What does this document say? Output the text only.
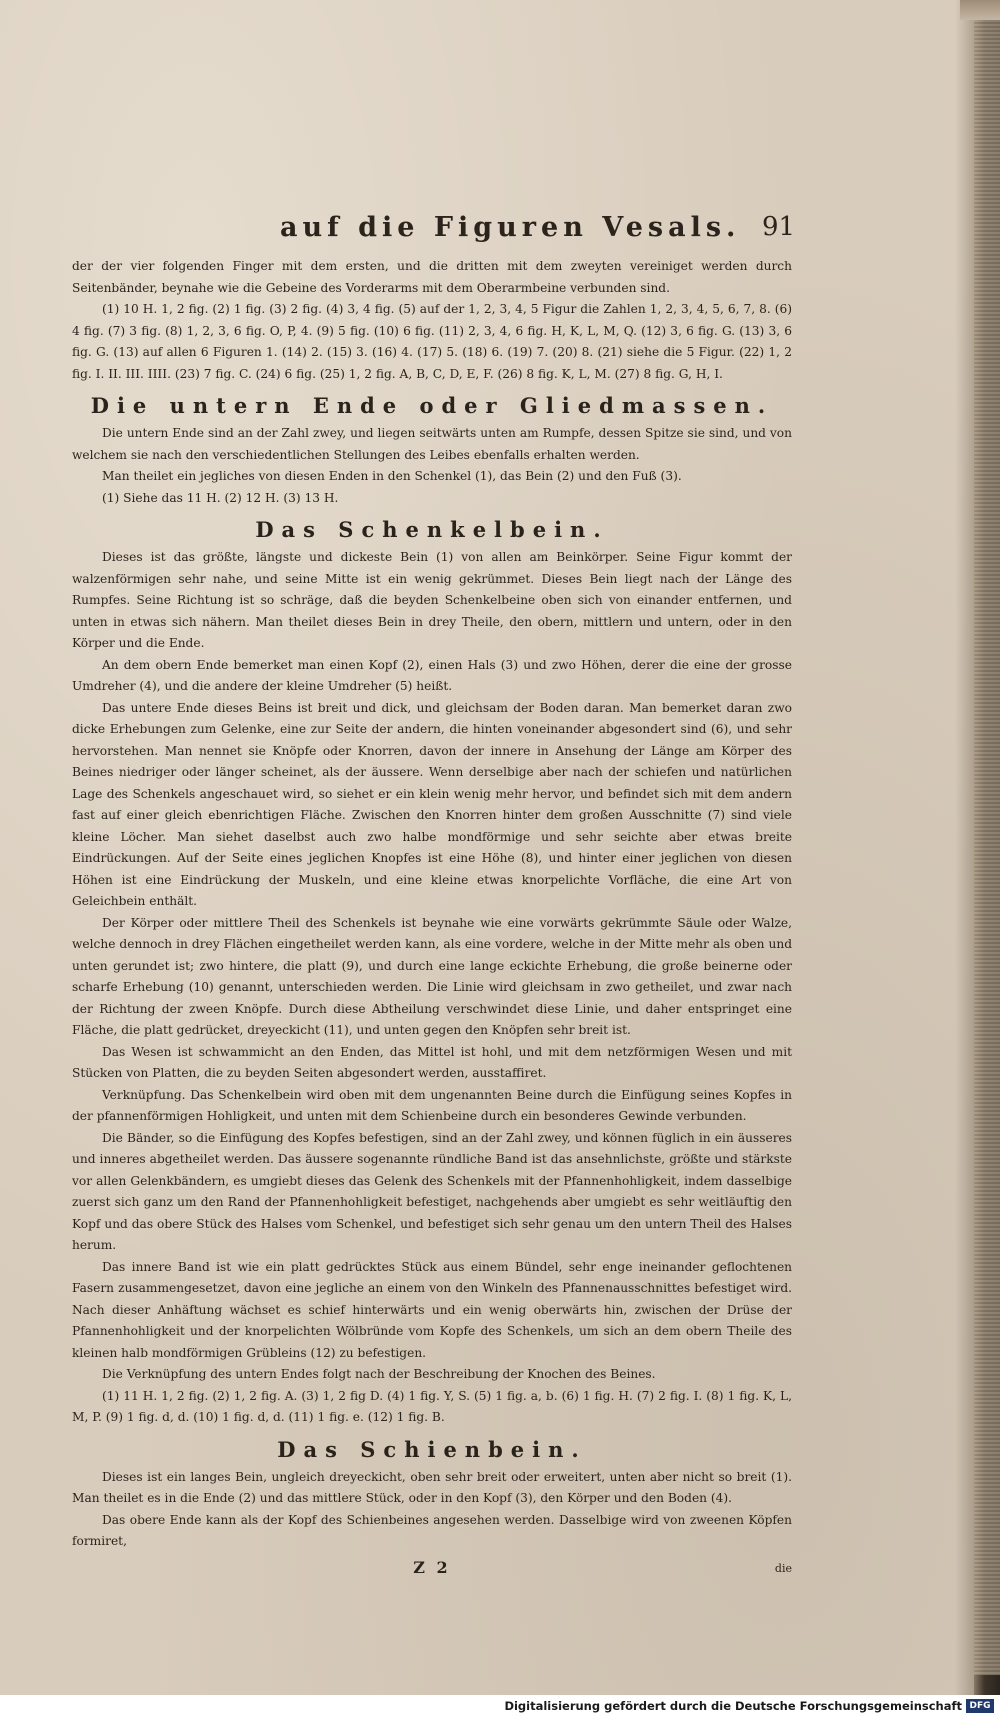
auf die Figuren Vesals. 91

der der vier folgenden Finger mit dem ersten, und die dritten mit dem zweyten vereiniget werden durch Seitenbänder, beynahe wie die Gebeine des Vorderarms mit dem Oberarmbeine verbunden sind.

(1) 10 H. 1, 2 fig. (2) 1 fig. (3) 2 fig. (4) 3, 4 fig. (5) auf der 1, 2, 3, 4, 5 Figur die Zahlen 1, 2, 3, 4, 5, 6, 7, 8. (6) 4 fig. (7) 3 fig. (8) 1, 2, 3, 6 fig. O, P, 4. (9) 5 fig. (10) 6 fig. (11) 2, 3, 4, 6 fig. H, K, L, M, Q. (12) 3, 6 fig. G. (13) 3, 6 fig. G. (13) auf allen 6 Figuren 1. (14) 2. (15) 3. (16) 4. (17) 5. (18) 6. (19) 7. (20) 8. (21) siehe die 5 Figur. (22) 1, 2 fig. I. II. III. IIII. (23) 7 fig. C. (24) 6 fig. (25) 1, 2 fig. A, B, C, D, E, F. (26) 8 fig. K, L, M. (27) 8 fig. G, H, I.

Die untern Ende oder Gliedmassen.

Die untern Ende sind an der Zahl zwey, und liegen seitwärts unten am Rumpfe, dessen Spitze sie sind, und von welchem sie nach den verschiedentlichen Stellungen des Leibes ebenfalls erhalten werden.

Man theilet ein jegliches von diesen Enden in den Schenkel (1), das Bein (2) und den Fuß (3).

(1) Siehe das 11 H. (2) 12 H. (3) 13 H.

Das Schenkelbein.

Dieses ist das größte, längste und dickeste Bein (1) von allen am Beinkörper. Seine Figur kommt der walzenförmigen sehr nahe, und seine Mitte ist ein wenig gekrümmet. Dieses Bein liegt nach der Länge des Rumpfes. Seine Richtung ist so schräge, daß die beyden Schenkelbeine oben sich von einander entfernen, und unten in etwas sich nähern. Man theilet dieses Bein in drey Theile, den obern, mittlern und untern, oder in den Körper und die Ende.

An dem obern Ende bemerket man einen Kopf (2), einen Hals (3) und zwo Höhen, derer die eine der grosse Umdreher (4), und die andere der kleine Umdreher (5) heißt.

Das untere Ende dieses Beins ist breit und dick, und gleichsam der Boden daran. Man bemerket daran zwo dicke Erhebungen zum Gelenke, eine zur Seite der andern, die hinten voneinander abgesondert sind (6), und sehr hervorstehen. Man nennet sie Knöpfe oder Knorren, davon der innere in Ansehung der Länge am Körper des Beines niedriger oder länger scheinet, als der äussere. Wenn derselbige aber nach der schiefen und natürlichen Lage des Schenkels angeschauet wird, so siehet er ein klein wenig mehr hervor, und befindet sich mit dem andern fast auf einer gleich ebenrichtigen Fläche. Zwischen den Knorren hinter dem großen Ausschnitte (7) sind viele kleine Löcher. Man siehet daselbst auch zwo halbe mondförmige und sehr seichte aber etwas breite Eindrückungen. Auf der Seite eines jeglichen Knopfes ist eine Höhe (8), und hinter einer jeglichen von diesen Höhen ist eine Eindrückung der Muskeln, und eine kleine etwas knorpelichte Vorfläche, die eine Art von Geleichbein enthält.

Der Körper oder mittlere Theil des Schenkels ist beynahe wie eine vorwärts gekrümmte Säule oder Walze, welche dennoch in drey Flächen eingetheilet werden kann, als eine vordere, welche in der Mitte mehr als oben und unten gerundet ist; zwo hintere, die platt (9), und durch eine lange eckichte Erhebung, die große beinerne oder scharfe Erhebung (10) genannt, unterschieden werden. Die Linie wird gleichsam in zwo getheilet, und zwar nach der Richtung der zween Knöpfe. Durch diese Abtheilung verschwindet diese Linie, und daher entspringet eine Fläche, die platt gedrücket, dreyeckicht (11), und unten gegen den Knöpfen sehr breit ist.

Das Wesen ist schwammicht an den Enden, das Mittel ist hohl, und mit dem netzförmigen Wesen und mit Stücken von Platten, die zu beyden Seiten abgesondert werden, ausstaffiret.

Verknüpfung. Das Schenkelbein wird oben mit dem ungenannten Beine durch die Einfügung seines Kopfes in der pfannenförmigen Hohligkeit, und unten mit dem Schienbeine durch ein besonderes Gewinde verbunden.

Die Bänder, so die Einfügung des Kopfes befestigen, sind an der Zahl zwey, und können füglich in ein äusseres und inneres abgetheilet werden. Das äussere sogenannte ründliche Band ist das ansehnlichste, größte und stärkste vor allen Gelenkbändern, es umgiebt dieses das Gelenk des Schenkels mit der Pfannenhohligkeit, indem dasselbige zuerst sich ganz um den Rand der Pfannenhohligkeit befestiget, nachgehends aber umgiebt es sehr weitläuftig den Kopf und das obere Stück des Halses vom Schenkel, und befestiget sich sehr genau um den untern Theil des Halses herum.

Das innere Band ist wie ein platt gedrücktes Stück aus einem Bündel, sehr enge ineinander geflochtenen Fasern zusammengesetzet, davon eine jegliche an einem von den Winkeln des Pfannenausschnittes befestiget wird. Nach dieser Anhäftung wächset es schief hinterwärts und ein wenig oberwärts hin, zwischen der Drüse der Pfannenhohligkeit und der knorpelichten Wölbründe vom Kopfe des Schenkels, um sich an dem obern Theile des kleinen halb mondförmigen Grübleins (12) zu befestigen.

Die Verknüpfung des untern Endes folgt nach der Beschreibung der Knochen des Beines.

(1) 11 H. 1, 2 fig. (2) 1, 2 fig. A. (3) 1, 2 fig D. (4) 1 fig. Y, S. (5) 1 fig. a, b. (6) 1 fig. H. (7) 2 fig. I. (8) 1 fig. K, L, M, P. (9) 1 fig. d, d. (10) 1 fig. d, d. (11) 1 fig. e. (12) 1 fig. B.

Das Schienbein.

Dieses ist ein langes Bein, ungleich dreyeckicht, oben sehr breit oder erweitert, unten aber nicht so breit (1). Man theilet es in die Ende (2) und das mittlere Stück, oder in den Kopf (3), den Körper und den Boden (4).

Das obere Ende kann als der Kopf des Schienbeines angesehen werden. Dasselbige wird von zweenen Köpfen formiret,

Z 2	die
Digitalisierung gefördert durch die Deutsche Forschungsgemeinschaft DFG
